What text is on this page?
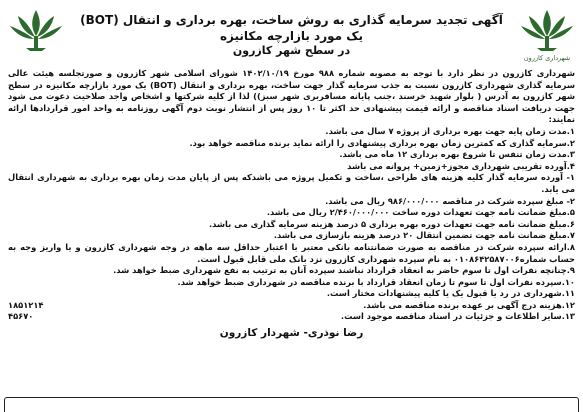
شهرداری کازرون
آگهی تجدید سرمایه گذاری به روش ساخت، بهره برداری و انتقال (BOT) یک مورد بازارچه مکانیزه
در سطح شهر کازرون

شهرداری کازرون در نظر دارد با توجه به مصوبه شماره ۹۸۸ مورخ ۱۴۰۲/۱۰/۱۹ شورای اسلامی شهر کازرون و صورتجلسه هیئت عالی سرمایه گذاری شهرداری کازرون نسبت به جذب سرمایه گذار جهت ساخت، بهره برداری و انتقال (BOT) یک مورد بازارچه مکانیزه در سطح شهر کازرون به آدرس ( بلوار شهید خرسند ،جنب پایانه مسافربری شهر سبز)) لذا از کلیه شرکتها و اشخاص واجد صلاحیت دعوت می شود جهت دریافت اسناد مناقصه و ارائه قیمت پیشنهادی حد اکثر تا ۱۰ روز پس از انتشار نوبت دوم آگهی روزنامه به واحد امور قراردادها ارائه نمایند:

۱.مدت زمان پایه جهت بهره برداری از پروژه ۷ سال می باشد.

۲.سرمایه گذاری که کمترین زمان بهره برداری پیشنهادی را ارائه نماید برنده مناقصه خواهد بود.

۳.مدت زمان تنفس تا شروع بهره برداری ۱۲ ماه می باشد.

۴.آورده تقریبی شهرداری مجوز+زمین+ پروانه می باشد

۱- آورده سرمایه گذار کلیه هزینه های طراحی ،ساخت و تکمیل پروژه می باشدکه پس از پایان مدت زمان بهره برداری به شهرداری انتقال می یابد.

۲- مبلغ سپرده شرکت در مناقصه ۹۸۶/۰۰۰/۰۰۰ ریال می باشد.

۵.مبلغ ضمانت نامه جهت تعهدات دوره ساخت ۲/۴۶۰/۰۰۰/۰۰۰ ریال می باشد.

۶.مبلغ ضمانت نامه جهت تعهدات دوره بهره برداری ۵ درصد هزینه سرمایه گذاری می باشد.

۷.مبلغ ضمانت نامه جهت تضمین انتقال ۲۰ درصد هزینه بازسازی می باشد.

۸.ارائه سپرده شرکت در مناقصه به صورت ضمانتنامه بانکی معتبر با اعتبار حداقل سه ماهه در وجه شهرداری کازرون و یا واریز وجه به حساب شماره۰۱۰۸۶۴۲۵۸۷۰۰۶ به نام سپرده شهرداری کازرون نزد بانک ملی قابل قبول است.

۹.چنانچه نفرات اول تا سوم حاضر به انعقاد قرارداد نباشند سپرده آنان به ترتیب به نفع شهرداری ضبط خواهد شد.

۱۰.سپرده نفرات اول تا سوم تا زمان انعقاد قرارداد با برنده مناقصه در شهرداری ضبط خواهد شد.

۱۱.شهرداری در رد یا قبول یک یا کلیه پیشنهادات مختار است.

۱۲.هزینه درج آگهی بر عهده برنده مناقصه می باشد.
۱۸۵۱۲۱۴
۱۳.سایر اطلاعات و جزئیات در اسناد مناقصه موجود است.
۴۵۶۷۰
رضا نوذری- شهردار کازرون
